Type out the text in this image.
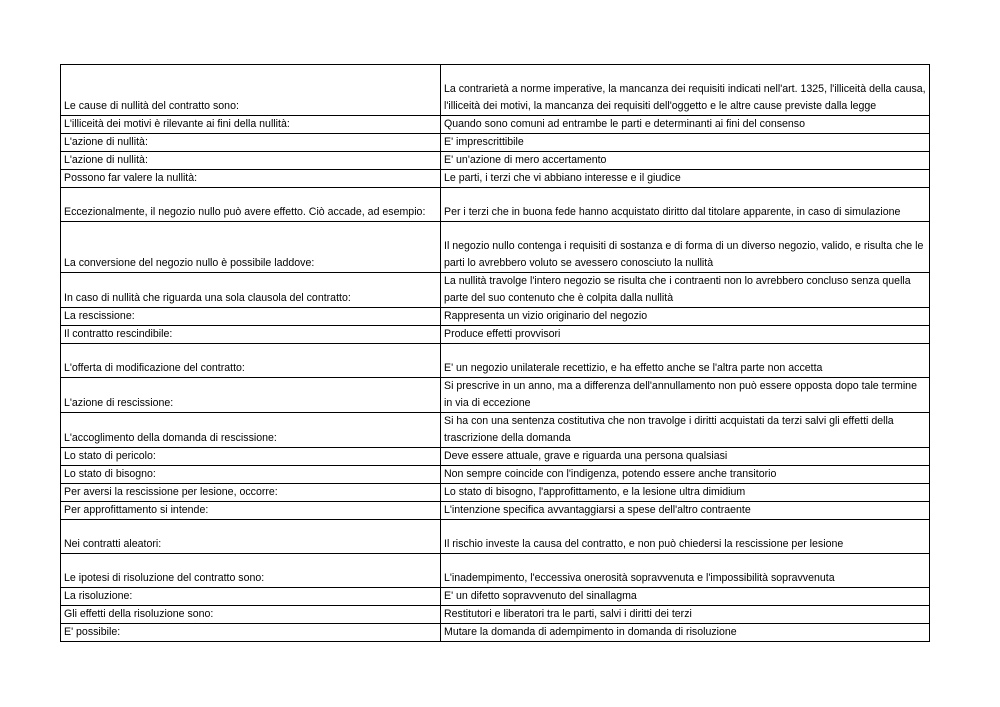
Le cause di nullità del contratto sono:	La contrarietà a norme imperative, la mancanza dei requisiti indicati nell'art. 1325, l'illiceità della causa, l'illiceità dei motivi, la mancanza dei requisiti dell'oggetto e le altre cause previste dalla legge
L'illiceità dei motivi è rilevante ai fini della nullità:	Quando sono comuni ad entrambe le parti e determinanti ai fini del consenso
L'azione di nullità:	E' imprescrittibile
L'azione di nullità:	E' un'azione di mero accertamento
Possono far valere la nullità:	Le parti, i terzi che vi abbiano interesse e il giudice
Eccezionalmente, il negozio nullo può avere effetto. Ciò accade, ad esempio:	Per i terzi che in buona fede hanno acquistato diritto dal titolare apparente, in caso di simulazione
La conversione del negozio nullo è possibile laddove:	Il negozio nullo contenga i requisiti di sostanza e di forma di un diverso negozio, valido, e risulta che le parti lo avrebbero voluto se avessero conosciuto la nullità
In caso di nullità che riguarda una sola clausola del contratto:	La nullità travolge l'intero negozio se risulta che i contraenti non lo avrebbero concluso senza quella parte del suo contenuto che è colpita dalla nullità
La rescissione:	Rappresenta un vizio originario del negozio
Il contratto rescindibile:	Produce effetti provvisori
L'offerta di modificazione del contratto:	E' un negozio unilaterale recettizio, e ha effetto anche se l'altra parte non accetta
L'azione di rescissione:	Si prescrive in un anno, ma a differenza dell'annullamento non può essere opposta dopo tale termine in via di eccezione
L'accoglimento della domanda di rescissione:	Si ha con una sentenza costitutiva che non travolge i diritti acquistati da terzi salvi gli effetti della trascrizione della domanda
Lo stato di pericolo:	Deve essere attuale, grave e riguarda una persona qualsiasi
Lo stato di bisogno:	Non sempre coincide con l'indigenza, potendo essere anche transitorio
Per aversi la rescissione per lesione, occorre:	Lo stato di bisogno, l'approfittamento, e la lesione ultra dimidium
Per approfittamento si intende:	L'intenzione specifica avvantaggiarsi a spese dell'altro contraente
Nei contratti aleatori:	Il rischio investe la causa del contratto, e non può chiedersi la rescissione per lesione
Le ipotesi di risoluzione del contratto sono:	L'inadempimento, l'eccessiva onerosità sopravvenuta e l'impossibilità sopravvenuta
La risoluzione:	E' un difetto sopravvenuto del sinallagma
Gli effetti della risoluzione sono:	Restitutori e liberatori tra le parti, salvi i diritti dei terzi
E' possibile:	Mutare la domanda di adempimento in domanda di risoluzione
